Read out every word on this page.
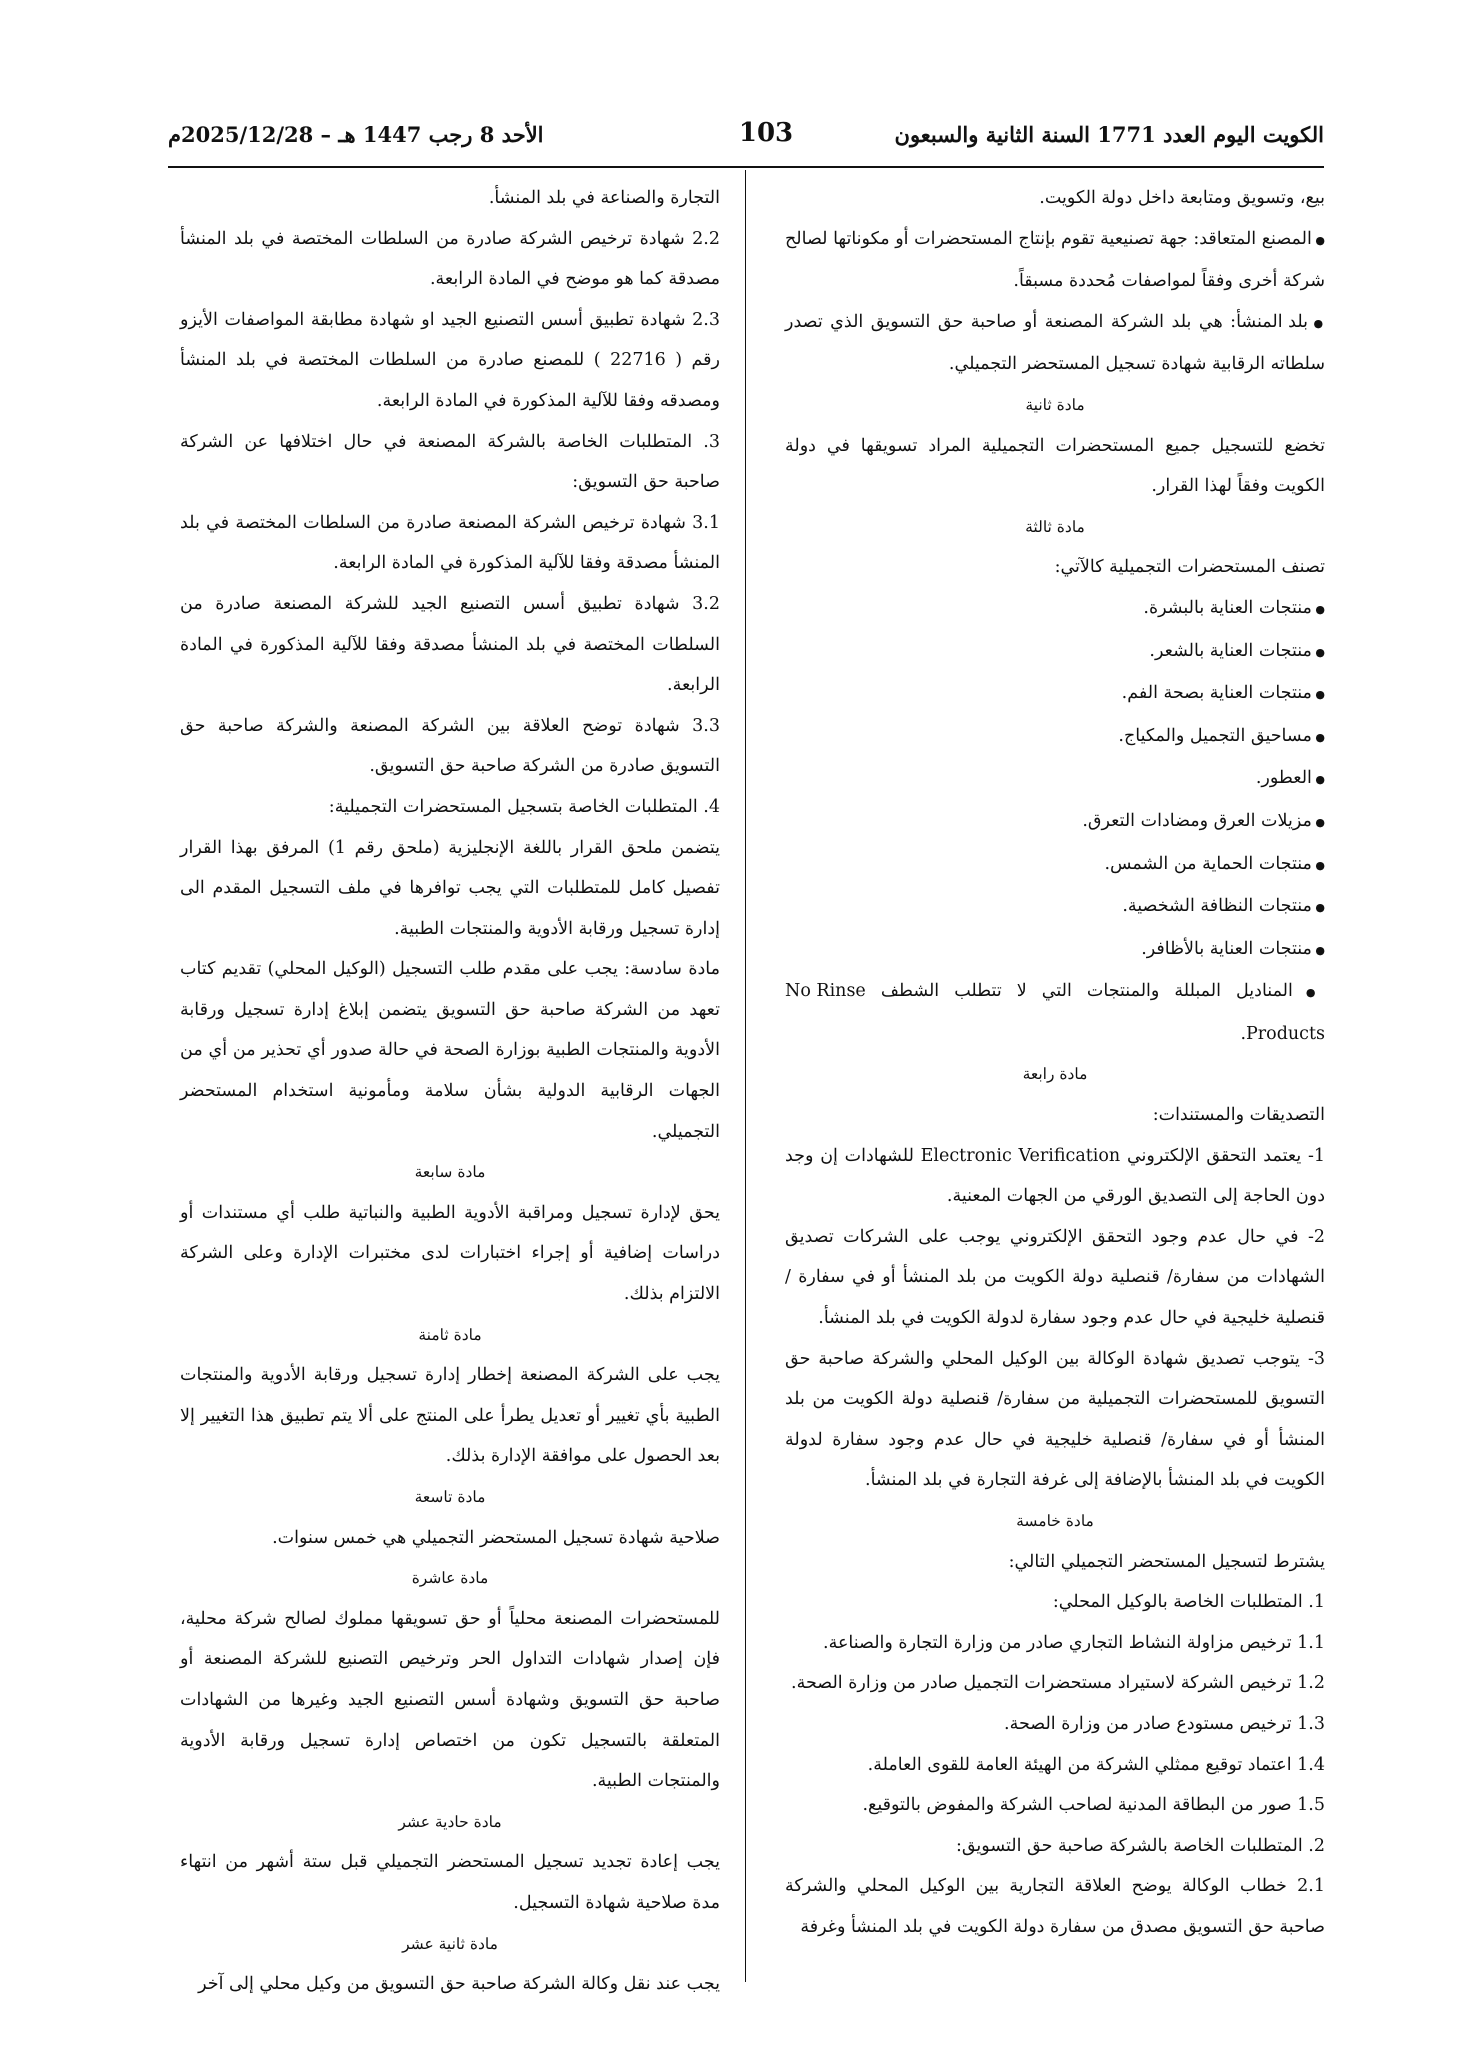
الأحد 8 رجب 1447 هـ – 2025/12/28م	103	الكويت اليوم العدد 1771 السنة الثانية والسبعون

بيع، وتسويق ومتابعة داخل دولة الكويت.

● المصنع المتعاقد: جهة تصنيعية تقوم بإنتاج المستحضرات أو مكوناتها لصالح شركة أخرى وفقاً لمواصفات مُحددة مسبقاً.

● بلد المنشأ: هي بلد الشركة المصنعة أو صاحبة حق التسويق الذي تصدر سلطاته الرقابية شهادة تسجيل المستحضر التجميلي.

مادة ثانية

تخضع للتسجيل جميع المستحضرات التجميلية المراد تسويقها في دولة الكويت وفقاً لهذا القرار.

مادة ثالثة

تصنف المستحضرات التجميلية كالآتي:

● منتجات العناية بالبشرة.

● منتجات العناية بالشعر.

● منتجات العناية بصحة الفم.

● مساحيق التجميل والمكياج.

● العطور.

● مزيلات العرق ومضادات التعرق.

● منتجات الحماية من الشمس.

● منتجات النظافة الشخصية.

● منتجات العناية بالأظافر.

● المناديل المبللة والمنتجات التي لا تتطلب الشطف No Rinse Products.

مادة رابعة

التصديقات والمستندات:

1- يعتمد التحقق الإلكتروني Electronic Verification للشهادات إن وجد دون الحاجة إلى التصديق الورقي من الجهات المعنية.

2- في حال عدم وجود التحقق الإلكتروني يوجب على الشركات تصديق الشهادات من سفارة/ قنصلية دولة الكويت من بلد المنشأ أو في سفارة / قنصلية خليجية في حال عدم وجود سفارة لدولة الكويت في بلد المنشأ.

3- يتوجب تصديق شهادة الوكالة بين الوكيل المحلي والشركة صاحبة حق التسويق للمستحضرات التجميلية من سفارة/ قنصلية دولة الكويت من بلد المنشأ أو في سفارة/ قنصلية خليجية في حال عدم وجود سفارة لدولة الكويت في بلد المنشأ بالإضافة إلى غرفة التجارة في بلد المنشأ.

مادة خامسة

يشترط لتسجيل المستحضر التجميلي التالي:

1. المتطلبات الخاصة بالوكيل المحلي:

1.1 ترخيص مزاولة النشاط التجاري صادر من وزارة التجارة والصناعة.

1.2 ترخيص الشركة لاستيراد مستحضرات التجميل صادر من وزارة الصحة.

1.3 ترخيص مستودع صادر من وزارة الصحة.

1.4 اعتماد توقيع ممثلي الشركة من الهيئة العامة للقوى العاملة.

1.5 صور من البطاقة المدنية لصاحب الشركة والمفوض بالتوقيع.

2. المتطلبات الخاصة بالشركة صاحبة حق التسويق:

2.1 خطاب الوكالة يوضح العلاقة التجارية بين الوكيل المحلي والشركة صاحبة حق التسويق مصدق من سفارة دولة الكويت في بلد المنشأ وغرفة

التجارة والصناعة في بلد المنشأ.

2.2 شهادة ترخيص الشركة صادرة من السلطات المختصة في بلد المنشأ مصدقة كما هو موضح في المادة الرابعة.

2.3 شهادة تطبيق أسس التصنيع الجيد او شهادة مطابقة المواصفات الأيزو رقم ( 22716 ) للمصنع صادرة من السلطات المختصة في بلد المنشأ ومصدقه وفقا للآلية المذكورة في المادة الرابعة.

3. المتطلبات الخاصة بالشركة المصنعة في حال اختلافها عن الشركة صاحبة حق التسويق:

3.1 شهادة ترخيص الشركة المصنعة صادرة من السلطات المختصة في بلد المنشأ مصدقة وفقا للآلية المذكورة في المادة الرابعة.

3.2 شهادة تطبيق أسس التصنيع الجيد للشركة المصنعة صادرة من السلطات المختصة في بلد المنشأ مصدقة وفقا للآلية المذكورة في المادة الرابعة.

3.3 شهادة توضح العلاقة بين الشركة المصنعة والشركة صاحبة حق التسويق صادرة من الشركة صاحبة حق التسويق.

4. المتطلبات الخاصة بتسجيل المستحضرات التجميلية:

يتضمن ملحق القرار باللغة الإنجليزية (ملحق رقم 1) المرفق بهذا القرار تفصيل كامل للمتطلبات التي يجب توافرها في ملف التسجيل المقدم الى إدارة تسجيل ورقابة الأدوية والمنتجات الطبية.

مادة سادسة: يجب على مقدم طلب التسجيل (الوكيل المحلي) تقديم كتاب تعهد من الشركة صاحبة حق التسويق يتضمن إبلاغ إدارة تسجيل ورقابة الأدوية والمنتجات الطبية بوزارة الصحة في حالة صدور أي تحذير من أي من الجهات الرقابية الدولية بشأن سلامة ومأمونية استخدام المستحضر التجميلي.

مادة سابعة

يحق لإدارة تسجيل ومراقبة الأدوية الطبية والنباتية طلب أي مستندات أو دراسات إضافية أو إجراء اختبارات لدى مختبرات الإدارة وعلى الشركة الالتزام بذلك.

مادة ثامنة

يجب على الشركة المصنعة إخطار إدارة تسجيل ورقابة الأدوية والمنتجات الطبية بأي تغيير أو تعديل يطرأ على المنتج على ألا يتم تطبيق هذا التغيير إلا بعد الحصول على موافقة الإدارة بذلك.

مادة تاسعة

صلاحية شهادة تسجيل المستحضر التجميلي هي خمس سنوات.

مادة عاشرة

للمستحضرات المصنعة محلياً أو حق تسويقها مملوك لصالح شركة محلية، فإن إصدار شهادات التداول الحر وترخيص التصنيع للشركة المصنعة أو صاحبة حق التسويق وشهادة أسس التصنيع الجيد وغيرها من الشهادات المتعلقة بالتسجيل تكون من اختصاص إدارة تسجيل ورقابة الأدوية والمنتجات الطبية.

مادة حادية عشر

يجب إعادة تجديد تسجيل المستحضر التجميلي قبل ستة أشهر من انتهاء مدة صلاحية شهادة التسجيل.

مادة ثانية عشر

يجب عند نقل وكالة الشركة صاحبة حق التسويق من وكيل محلي إلى آخر
